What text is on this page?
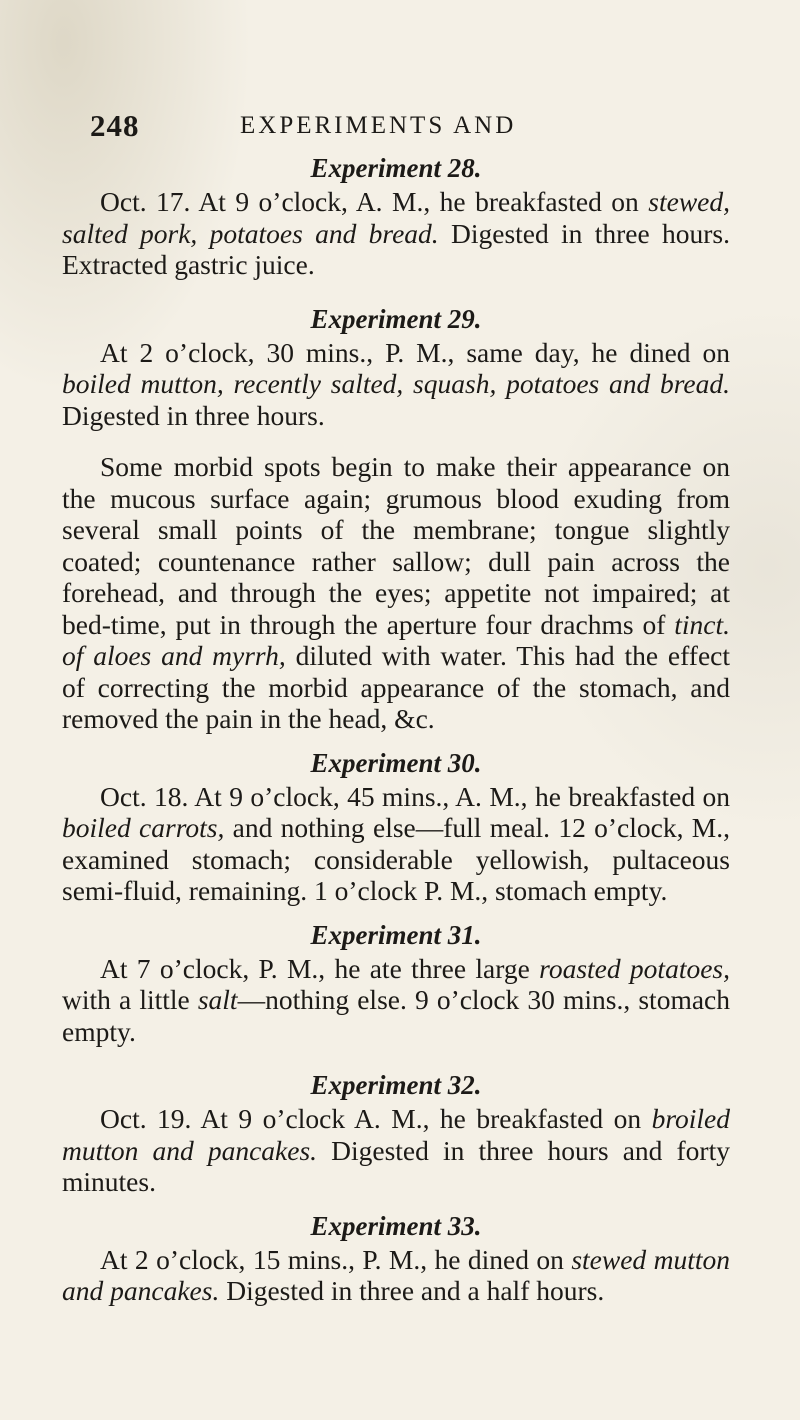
248	EXPERIMENTS AND
Experiment 28.

Oct. 17. At 9 o’clock, A. M., he breakfasted on stewed, salted pork, potatoes and bread. Digested in three hours. Extracted gastric juice.

Experiment 29.

At 2 o’clock, 30 mins., P. M., same day, he dined on boiled mutton, recently salted, squash, potatoes and bread. Digested in three hours.

Some morbid spots begin to make their appearance on the mucous surface again; grumous blood exuding from several small points of the membrane; tongue slightly coated; countenance rather sallow; dull pain across the forehead, and through the eyes; appetite not impaired; at bed-time, put in through the aperture four drachms of tinct. of aloes and myrrh, diluted with water. This had the effect of correcting the morbid appearance of the stomach, and removed the pain in the head, &c.

Experiment 30.

Oct. 18. At 9 o’clock, 45 mins., A. M., he breakfasted on boiled carrots, and nothing else—full meal. 12 o’clock, M., examined stomach; considerable yellowish, pultaceous semi-fluid, remaining. 1 o’clock P. M., stomach empty.

Experiment 31.

At 7 o’clock, P. M., he ate three large roasted potatoes, with a little salt—nothing else. 9 o’clock 30 mins., stomach empty.

Experiment 32.

Oct. 19. At 9 o’clock A. M., he breakfasted on broiled mutton and pancakes. Digested in three hours and forty minutes.

Experiment 33.

At 2 o’clock, 15 mins., P. M., he dined on stewed mutton and pancakes. Digested in three and a half hours.
